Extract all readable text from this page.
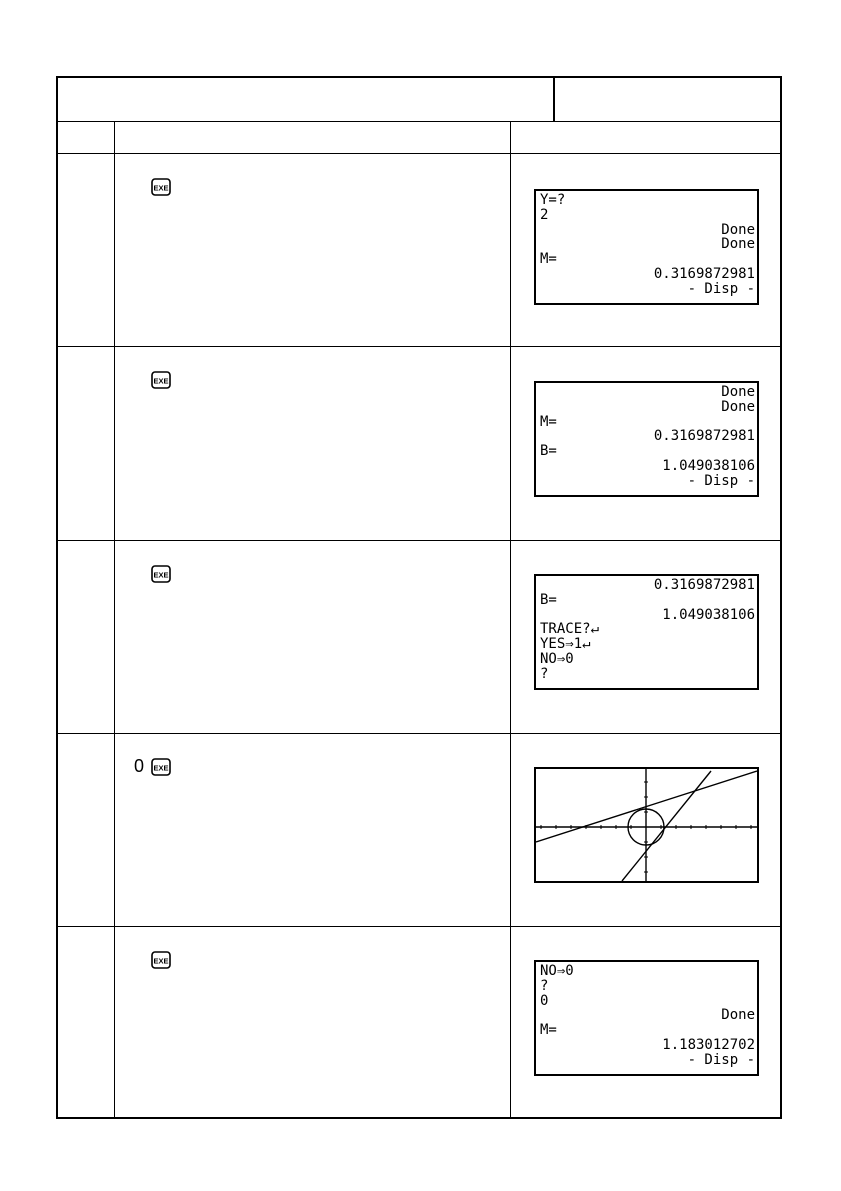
EXE
Y=?
2
Done
Done
M=
0.3169872981
- Disp -
EXE
Done
Done
M=
0.3169872981
B=
1.049038106
- Disp -
EXE
0.3169872981
B=
1.049038106
TRACE?↵
YES⇒1↵
NO⇒0
?
0 EXE
EXE
NO⇒0
?
0
Done
M=
1.183012702
- Disp -
